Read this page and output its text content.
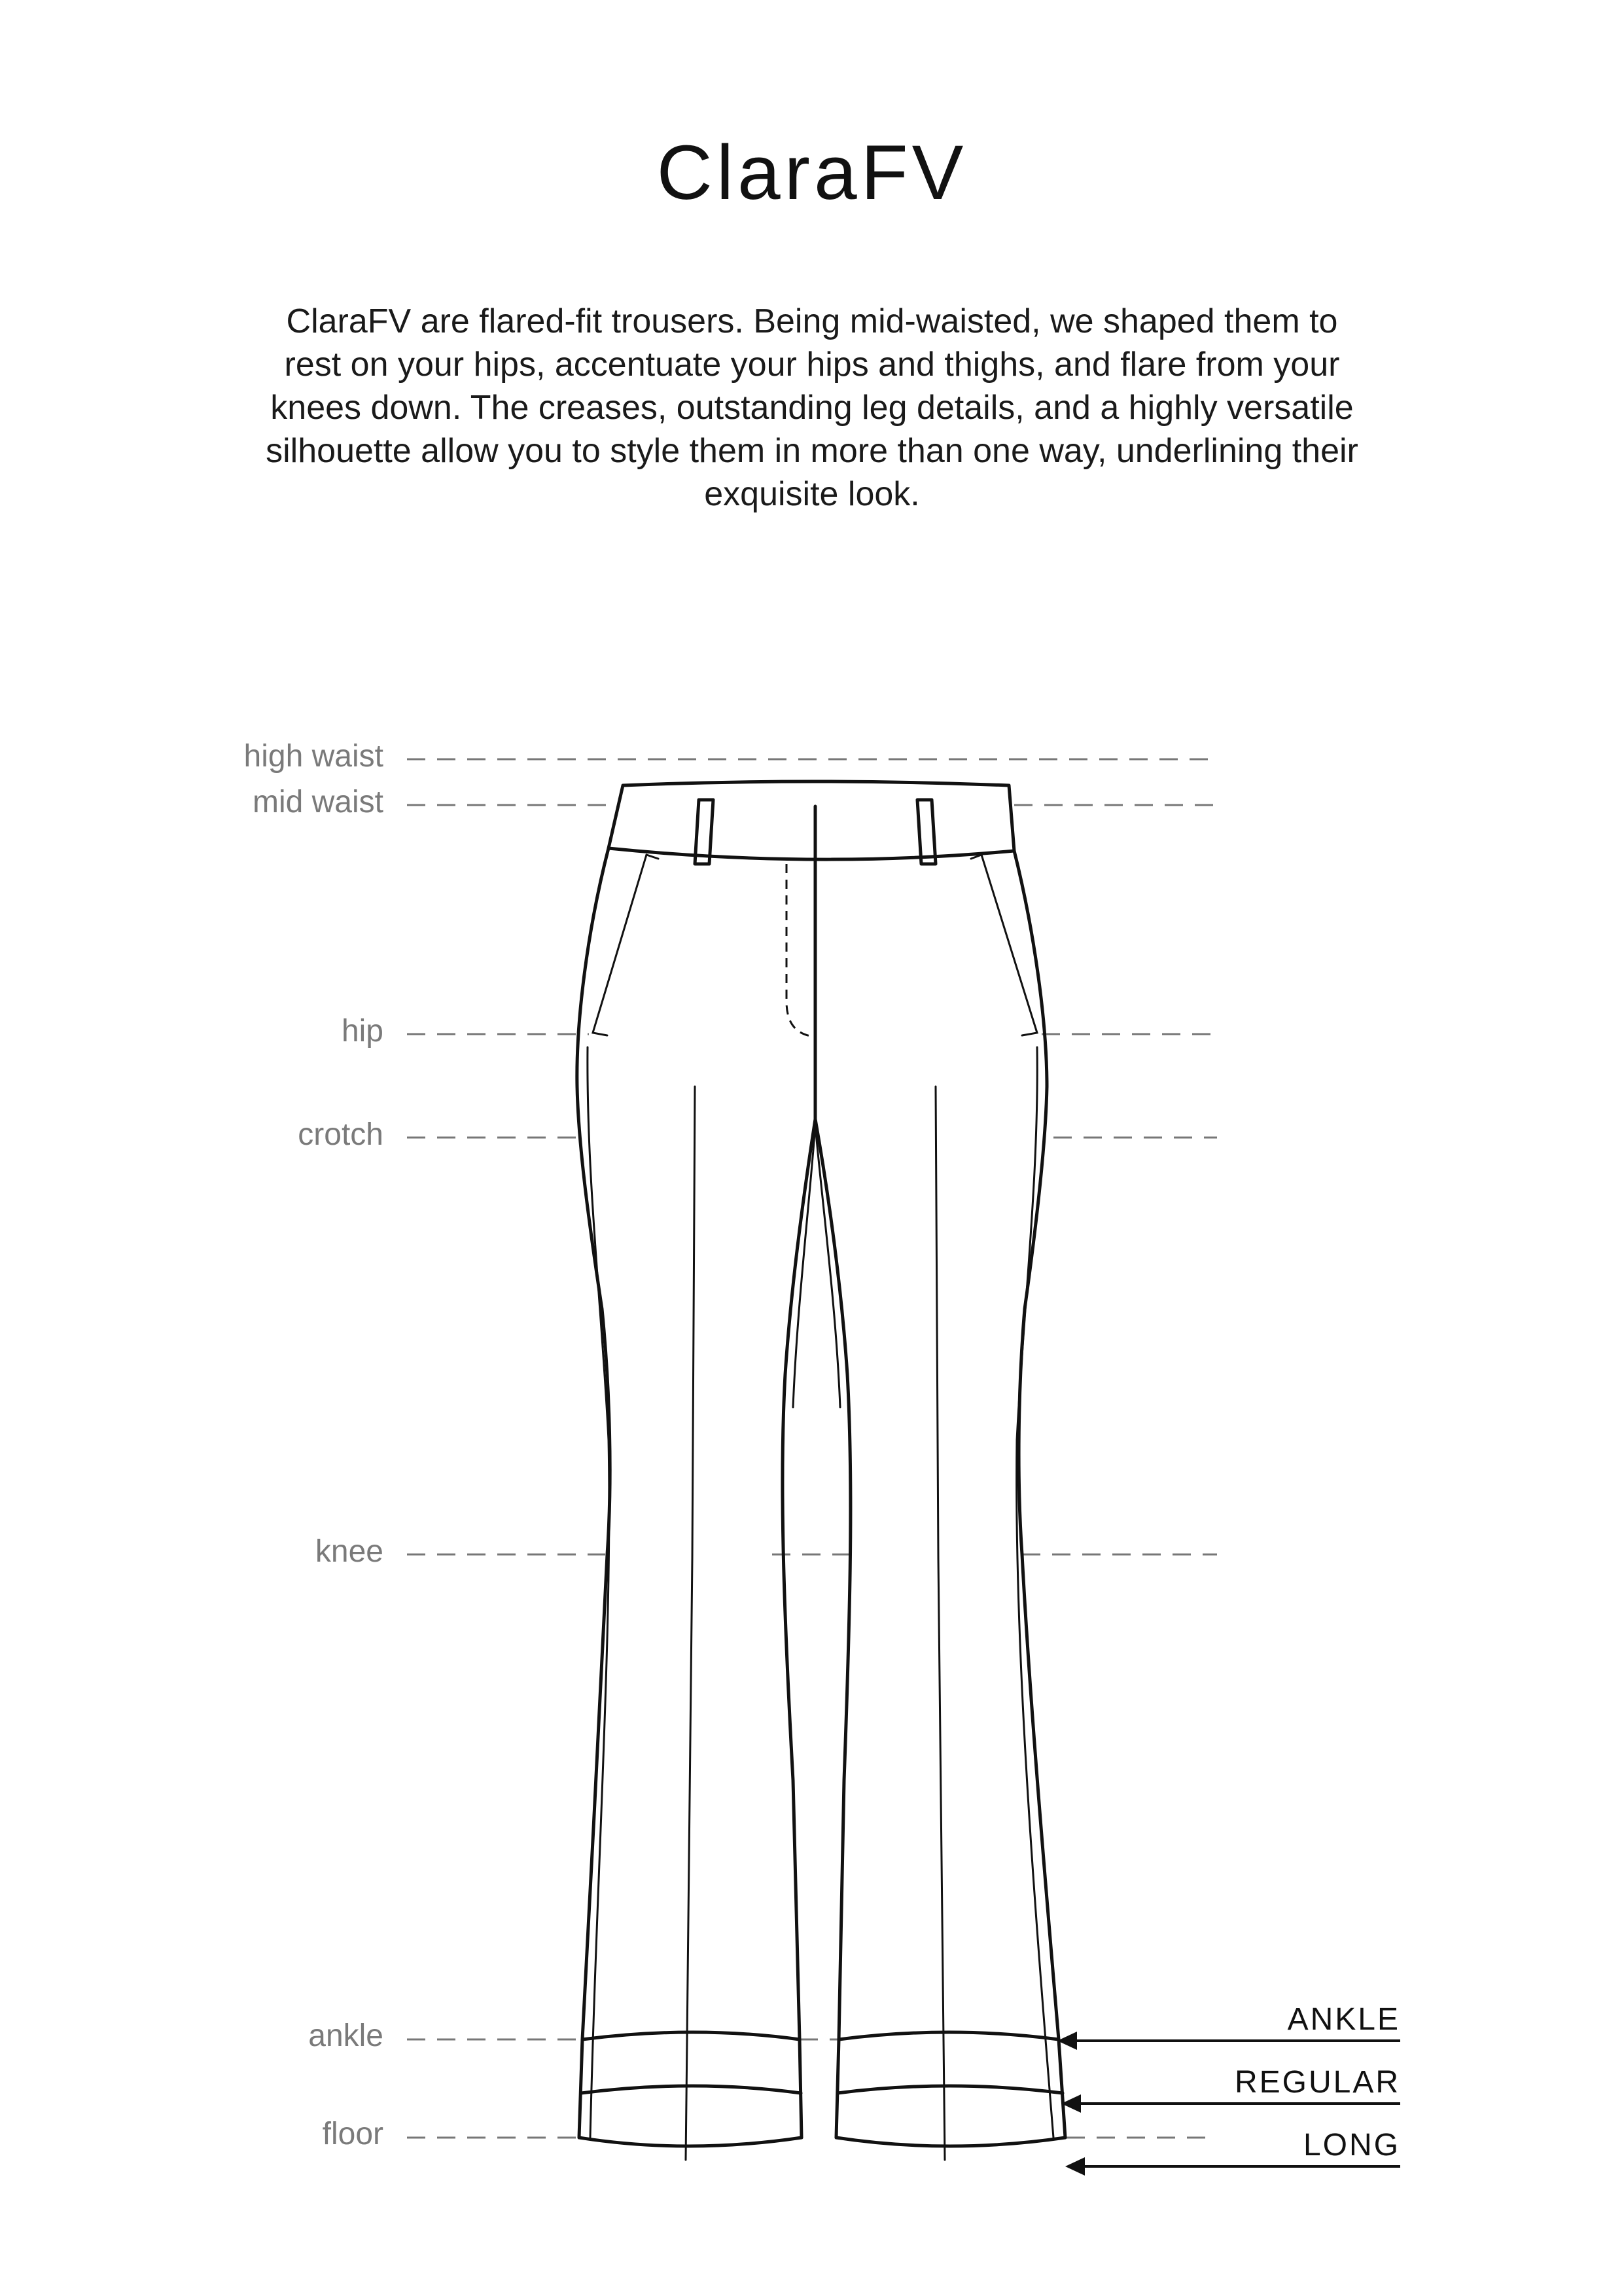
ClaraFV

ClaraFV are flared-fit trousers. Being mid-waisted, we shaped them to rest on your hips, accentuate your hips and thighs, and flare from your knees down. The creases, outstanding leg details, and a highly versatile silhouette allow you to style them in more than one way, underlining their exquisite look.

high waist
mid waist
hip
crotch
knee
ankle
floor
ANKLE
REGULAR
LONG
